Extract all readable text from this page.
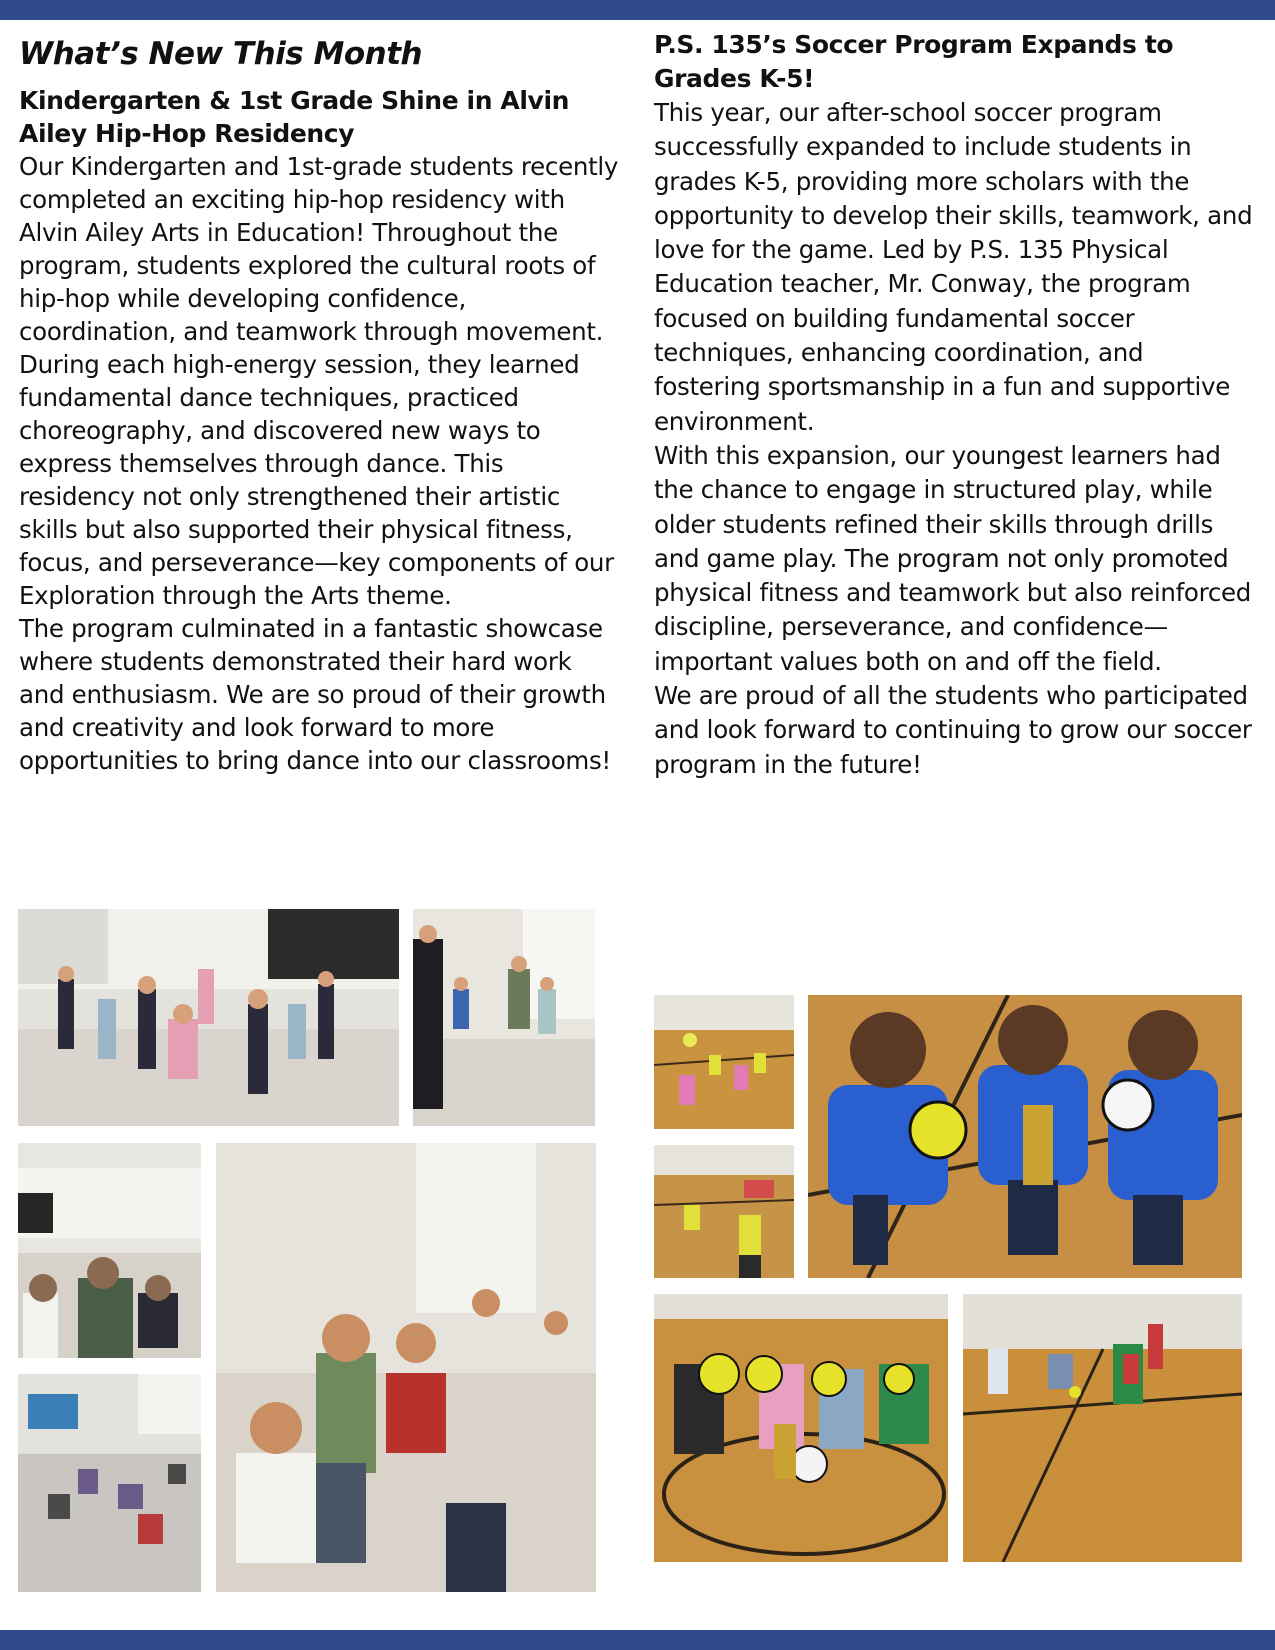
What’s New This Month
Kindergarten & 1st Grade Shine in Alvin Ailey Hip-Hop Residency

Our Kindergarten and 1st-grade students recently completed an exciting hip-hop residency with Alvin Ailey Arts in Education! Throughout the program, students explored the cultural roots of hip-hop while developing confidence, coordination, and teamwork through movement.

During each high-energy session, they learned fundamental dance techniques, practiced choreography, and discovered new ways to express themselves through dance. This residency not only strengthened their artistic skills but also supported their physical fitness, focus, and perseverance—key components of our Exploration through the Arts theme.

The program culminated in a fantastic showcase where students demonstrated their hard work and enthusiasm. We are so proud of their growth and creativity and look forward to more opportunities to bring dance into our classrooms!

P.S. 135’s Soccer Program Expands to Grades K-5!

This year, our after-school soccer program successfully expanded to include students in grades K-5, providing more scholars with the opportunity to develop their skills, teamwork, and love for the game. Led by P.S. 135 Physical Education teacher, Mr. Conway, the program focused on building fundamental soccer techniques, enhancing coordination, and fostering sportsmanship in a fun and supportive environment.

With this expansion, our youngest learners had the chance to engage in structured play, while older students refined their skills through drills and game play. The program not only promoted physical fitness and teamwork but also reinforced discipline, perseverance, and confidence—important values both on and off the field.

We are proud of all the students who participated and look forward to continuing to grow our soccer program in the future!
